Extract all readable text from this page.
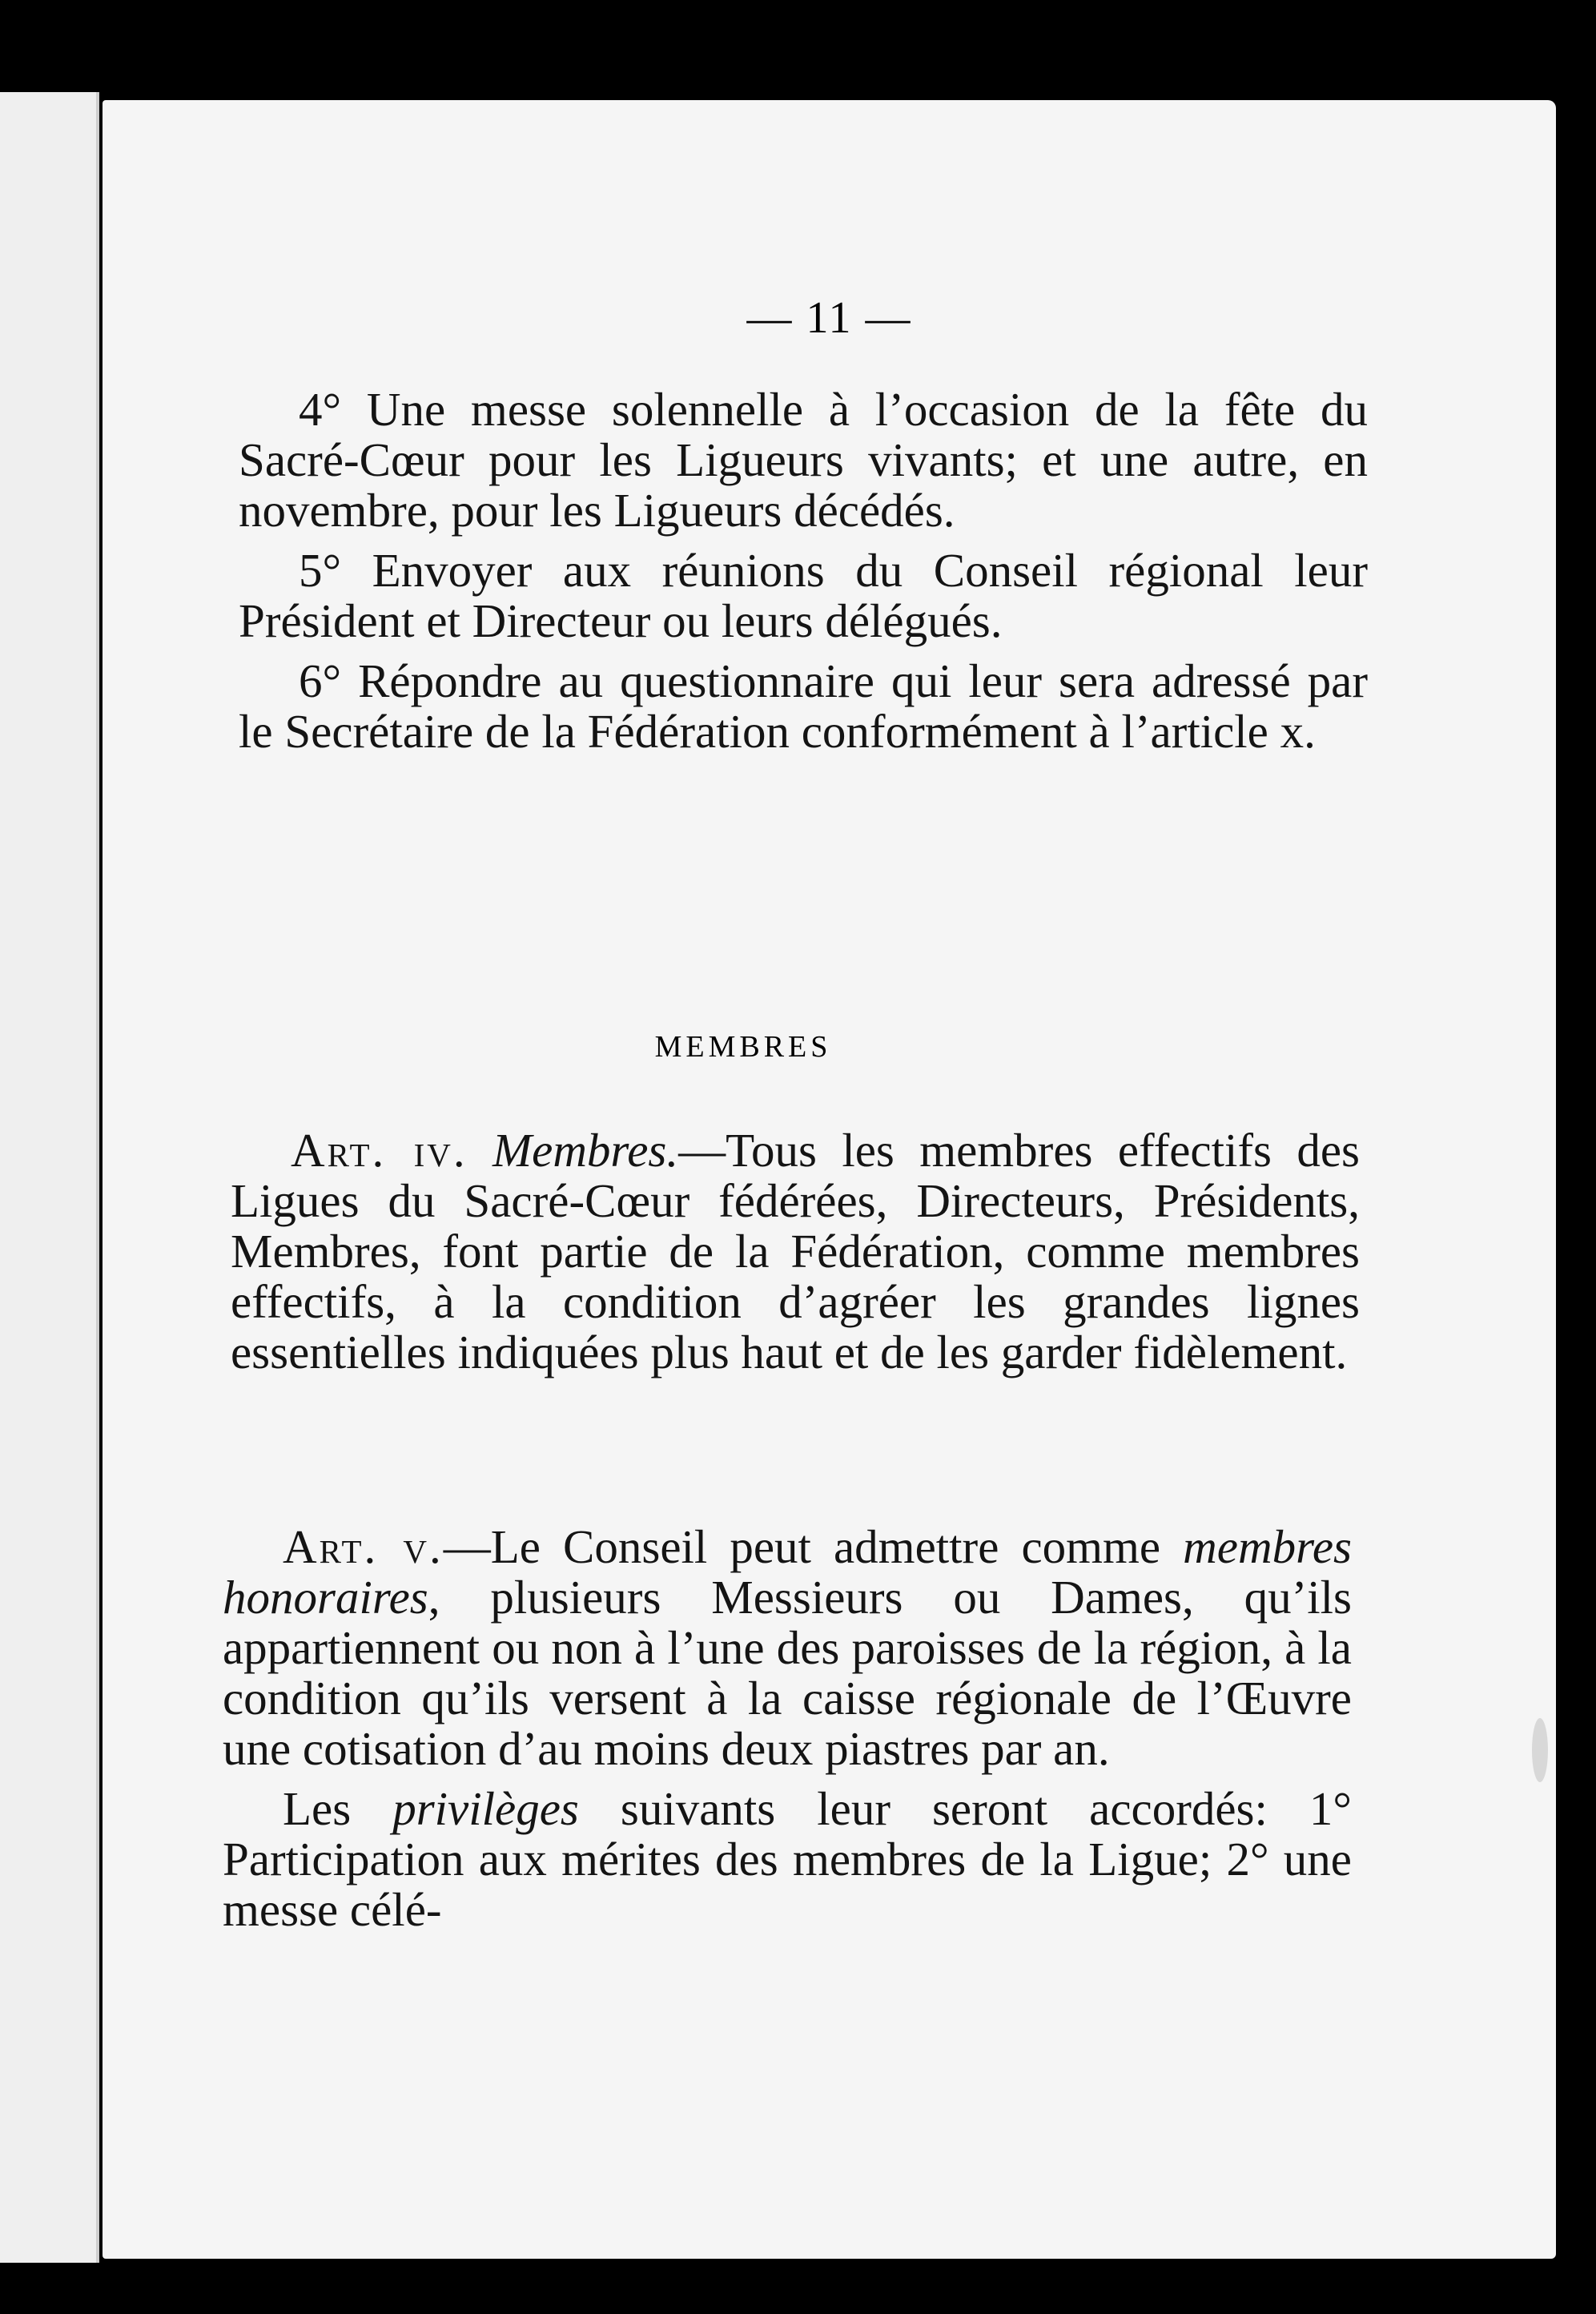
— 11 —

4° Une messe solennelle à l’occasion de la fête du Sacré-Cœur pour les Ligueurs vivants; et une autre, en novembre, pour les Ligueurs décédés.

5° Envoyer aux réunions du Conseil régional leur Président et Directeur ou leurs délégués.

6° Répondre au questionnaire qui leur sera adressé par le Secrétaire de la Fédération conformément à l’article x.

MEMBRES

Art. iv. Membres.—Tous les membres effectifs des Ligues du Sacré-Cœur fédérées, Directeurs, Présidents, Membres, font partie de la Fédération, comme membres effectifs, à la condition d’agréer les grandes lignes essentielles indiquées plus haut et de les garder fidèlement.

Art. v.—Le Conseil peut admettre comme membres honoraires, plusieurs Messieurs ou Dames, qu’ils appartiennent ou non à l’une des paroisses de la région, à la condition qu’ils versent à la caisse régionale de l’Œuvre une cotisation d’au moins deux piastres par an.

Les privilèges suivants leur seront accordés: 1° Participation aux mérites des membres de la Ligue; 2° une messe célé-
